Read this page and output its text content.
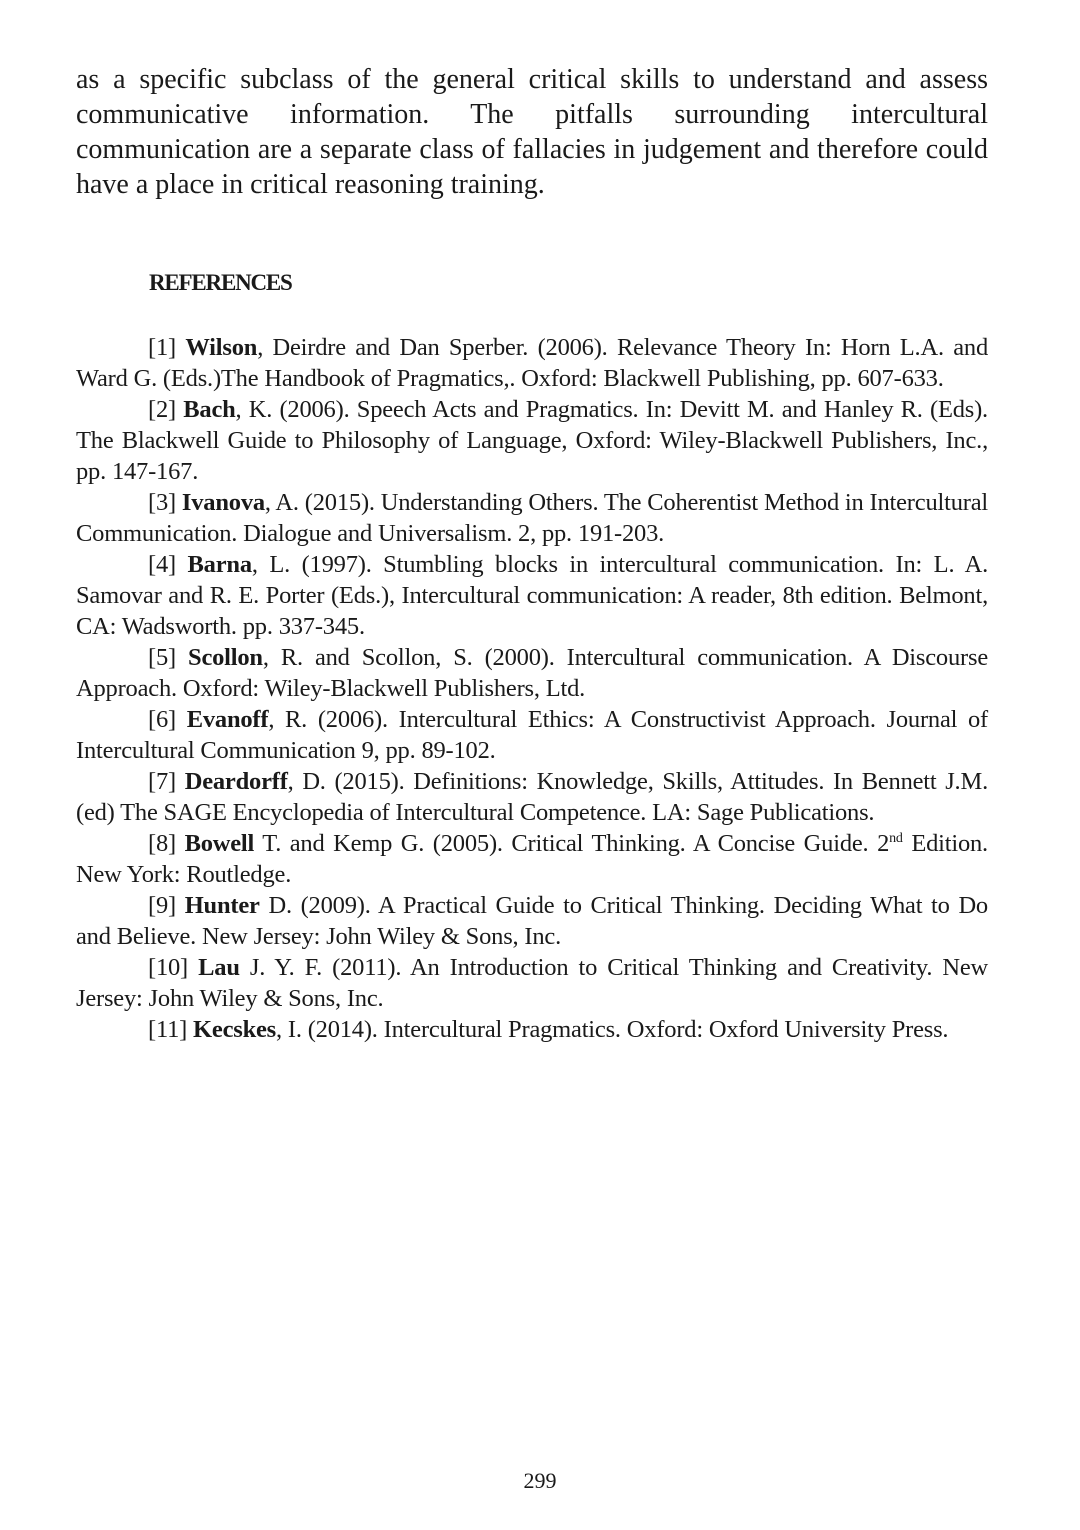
as a specific subclass of the general critical skills to understand and assess communicative information. The pitfalls surrounding intercultural communication are a separate class of fallacies in judgement and therefore could have a place in critical reasoning training.

REFERENCES
[1] Wilson, Deirdre and Dan Sperber. (2006). Relevance Theory In: Horn L.A. and Ward G. (Eds.)The Handbook of Pragmatics,. Oxford: Blackwell Publishing, pp. 607-633.
[2] Bach, K. (2006). Speech Acts and Pragmatics. In: Devitt M. and Hanley R. (Eds). The Blackwell Guide to Philosophy of Language, Oxford: Wiley-Blackwell Publishers, Inc., pp. 147-167.
[3] Ivanova, A. (2015). Understanding Others. The Coherentist Method in Intercultural Communication. Dialogue and Universalism. 2, pp. 191-203.
[4] Barna, L. (1997). Stumbling blocks in intercultural communication. In: L. A. Samovar and R. E. Porter (Eds.), Intercultural communication: A reader, 8th edition. Belmont, CA: Wadsworth. pp. 337-345.
[5] Scollon, R. and Scollon, S. (2000). Intercultural communication. A Discourse Approach. Oxford: Wiley-Blackwell Publishers, Ltd.
[6] Evanoff, R. (2006). Intercultural Ethics: A Constructivist Approach. Journal of Intercultural Communication 9, pp. 89-102.
[7] Deardorff, D. (2015). Definitions: Knowledge, Skills, Attitudes. In Bennett J.M. (ed) The SAGE Encyclopedia of Intercultural Competence. LA: Sage Publications.
[8] Bowell T. and Kemp G. (2005). Critical Thinking. A Concise Guide. 2nd Edition. New York: Routledge.
[9] Hunter D. (2009). A Practical Guide to Critical Thinking. Deciding What to Do and Believe. New Jersey: John Wiley & Sons, Inc.
[10] Lau J. Y. F. (2011). An Introduction to Critical Thinking and Creativity. New Jersey: John Wiley & Sons, Inc.
[11] Kecskes, I. (2014). Intercultural Pragmatics. Oxford: Oxford University Press.

299
